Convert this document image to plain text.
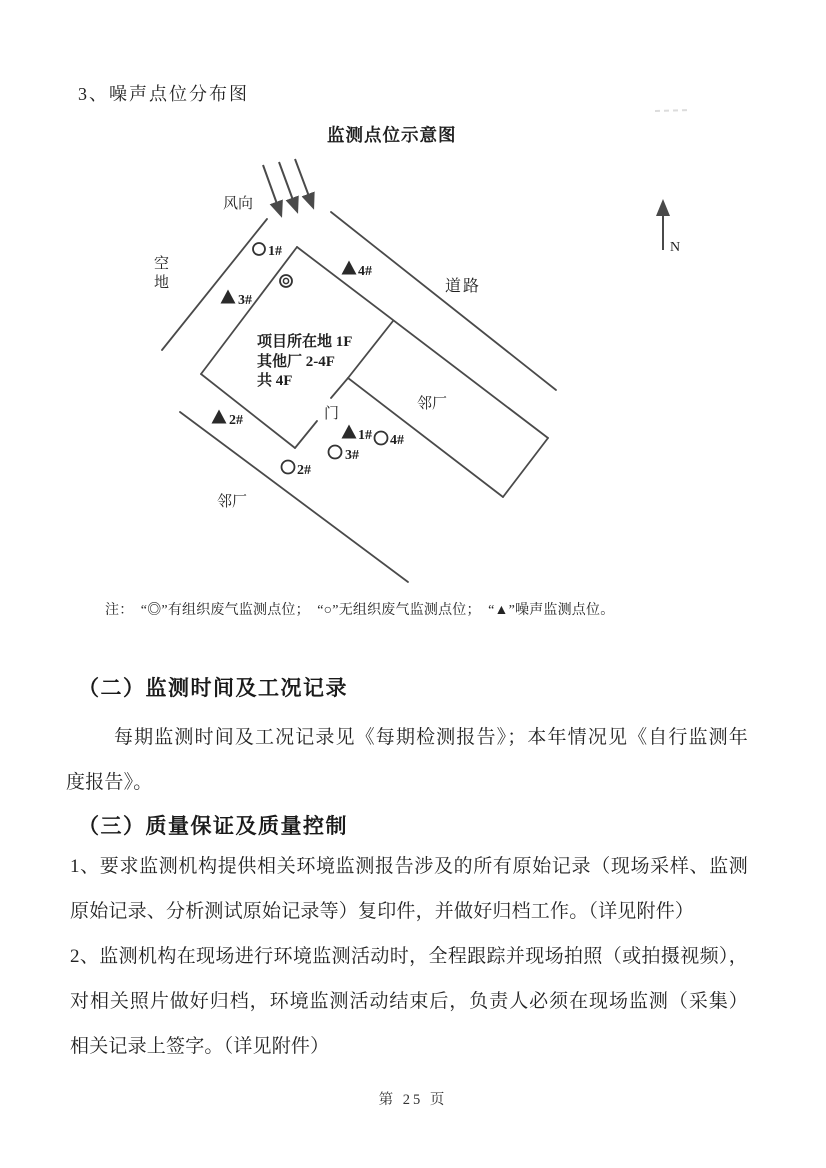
3、噪声点位分布图
监测点位示意图
风向
N
空
地	道路
门
邻厂
邻厂
项目所在地 1F
其他厂 2-4F
共 4F
1#
2#
3#
4#
1#
2#
3#
4#
注：  “◎”有组织废气监测点位；  “○”无组织废气监测点位；  “▲”噪声监测点位。
（二）监测时间及工况记录
每期监测时间及工况记录见《每期检测报告》；本年情况见《自行监测年
度报告》。
（三）质量保证及质量控制
1、要求监测机构提供相关环境监测报告涉及的所有原始记录（现场采样、监测
原始记录、分析测试原始记录等）复印件，并做好归档工作。（详见附件）
2、监测机构在现场进行环境监测活动时，全程跟踪并现场拍照（或拍摄视频），
对相关照片做好归档，环境监测活动结束后，负责人必须在现场监测（采集）
相关记录上签字。（详见附件）
第 25 页
